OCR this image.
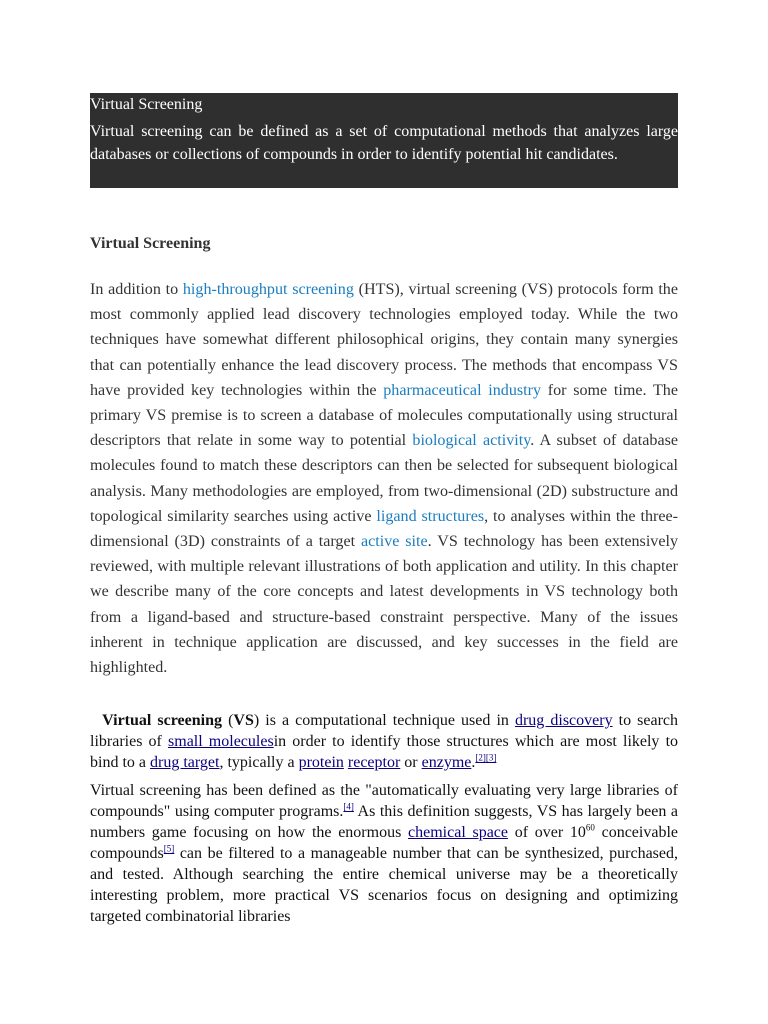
Virtual Screening
Virtual screening can be defined as a set of computational methods that analyzes large databases or collections of compounds in order to identify potential hit candidates.
Virtual Screening
In addition to high-throughput screening (HTS), virtual screening (VS) protocols form the most commonly applied lead discovery technologies employed today. While the two techniques have somewhat different philosophical origins, they contain many synergies that can potentially enhance the lead discovery process. The methods that encompass VS have provided key technologies within the pharmaceutical industry for some time. The primary VS premise is to screen a database of molecules computationally using structural descriptors that relate in some way to potential biological activity. A subset of database molecules found to match these descriptors can then be selected for subsequent biological analysis. Many methodologies are employed, from two-dimensional (2D) substructure and topological similarity searches using active ligand structures, to analyses within the three-dimensional (3D) constraints of a target active site. VS technology has been extensively reviewed, with multiple relevant illustrations of both application and utility. In this chapter we describe many of the core concepts and latest developments in VS technology both from a ligand-based and structure-based constraint perspective. Many of the issues inherent in technique application are discussed, and key successes in the field are highlighted.
Virtual screening (VS) is a computational technique used in drug discovery to search libraries of small moleculesin order to identify those structures which are most likely to bind to a drug target, typically a protein receptor or enzyme.[2][3]
Virtual screening has been defined as the "automatically evaluating very large libraries of compounds" using computer programs.[4] As this definition suggests, VS has largely been a numbers game focusing on how the enormous chemical space of over $10^{60}$ conceivable compounds[5] can be filtered to a manageable number that can be synthesized, purchased, and tested. Although searching the entire chemical universe may be a theoretically interesting problem, more practical VS scenarios focus on designing and optimizing targeted combinatorial libraries
